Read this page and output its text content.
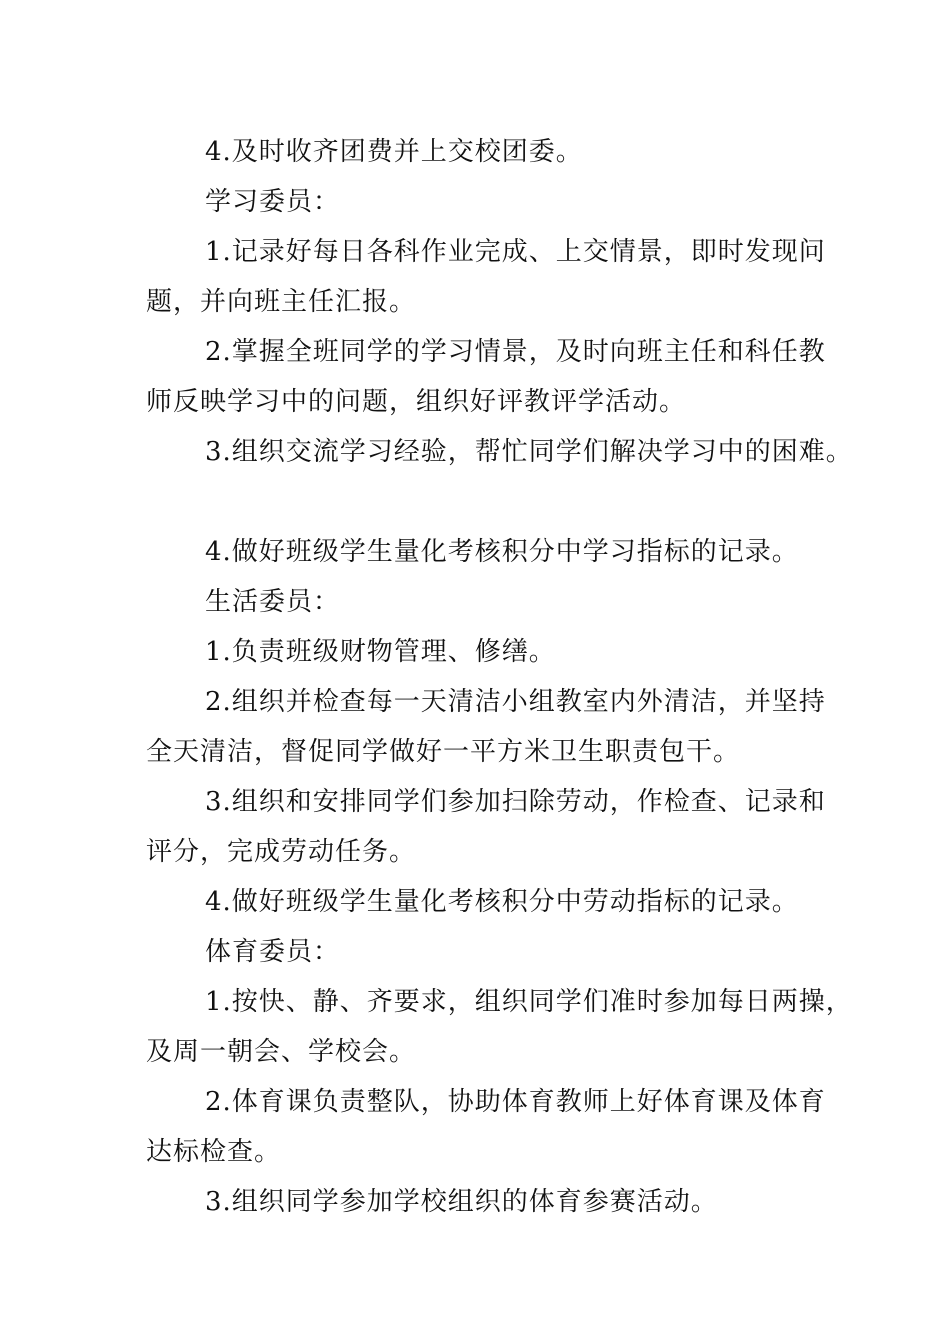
4.及时收齐团费并上交校团委。
学习委员：
1.记录好每日各科作业完成、上交情景，即时发现问
题，并向班主任汇报。
2.掌握全班同学的学习情景，及时向班主任和科任教
师反映学习中的问题，组织好评教评学活动。
3.组织交流学习经验，帮忙同学们解决学习中的困难。
4.做好班级学生量化考核积分中学习指标的记录。
生活委员：
1.负责班级财物管理、修缮。
2.组织并检查每一天清洁小组教室内外清洁，并坚持
全天清洁，督促同学做好一平方米卫生职责包干。
3.组织和安排同学们参加扫除劳动，作检查、记录和
评分，完成劳动任务。
4.做好班级学生量化考核积分中劳动指标的记录。
体育委员：
1.按快、静、齐要求，组织同学们准时参加每日两操，
及周一朝会、学校会。
2.体育课负责整队，协助体育教师上好体育课及体育
达标检查。
3.组织同学参加学校组织的体育参赛活动。
